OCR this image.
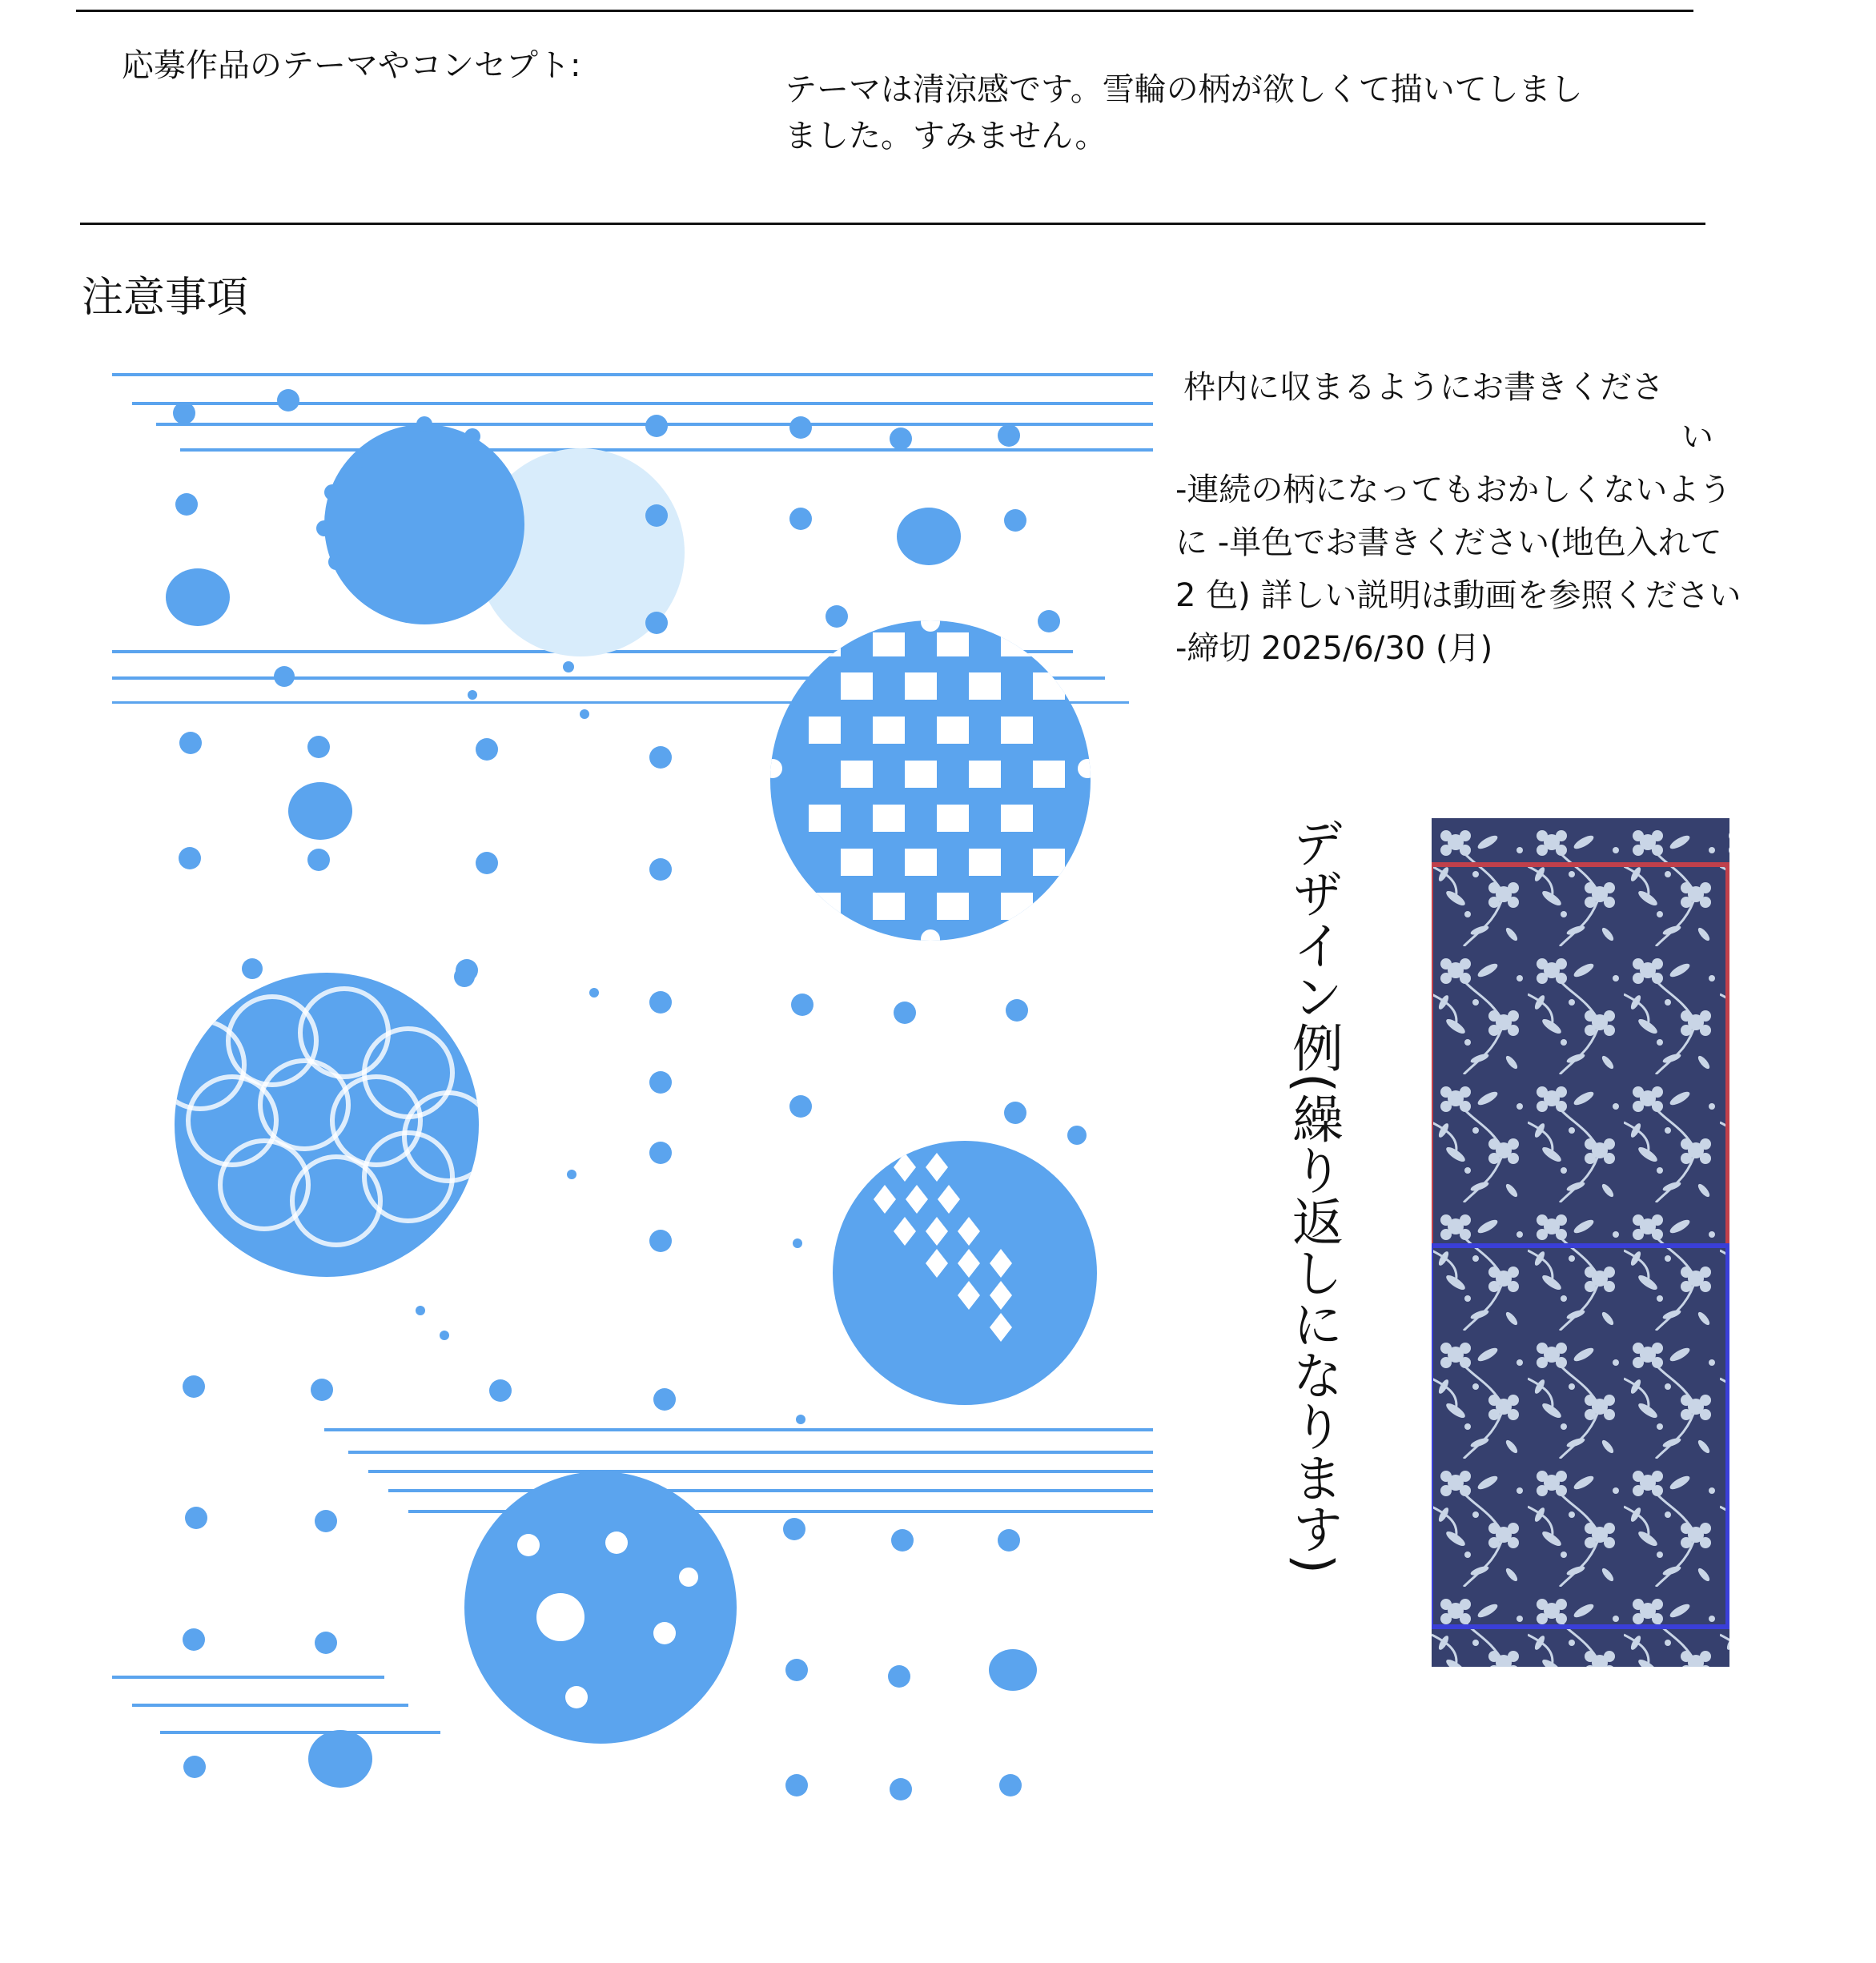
応募作品のテーマやコンセプト:
テーマは清涼感です。雪輪の柄が欲しくて描いてしまし
ました。すみません。
注意事項
枠内に収まるようにお書きくださ
い
-連続の柄になってもおかしくないよう
に -単色でお書きください(地色入れて
2 色) 詳しい説明は動画を参照ください
-締切 2025/6/30 (月)
デザイン例(繰り返しになります)
